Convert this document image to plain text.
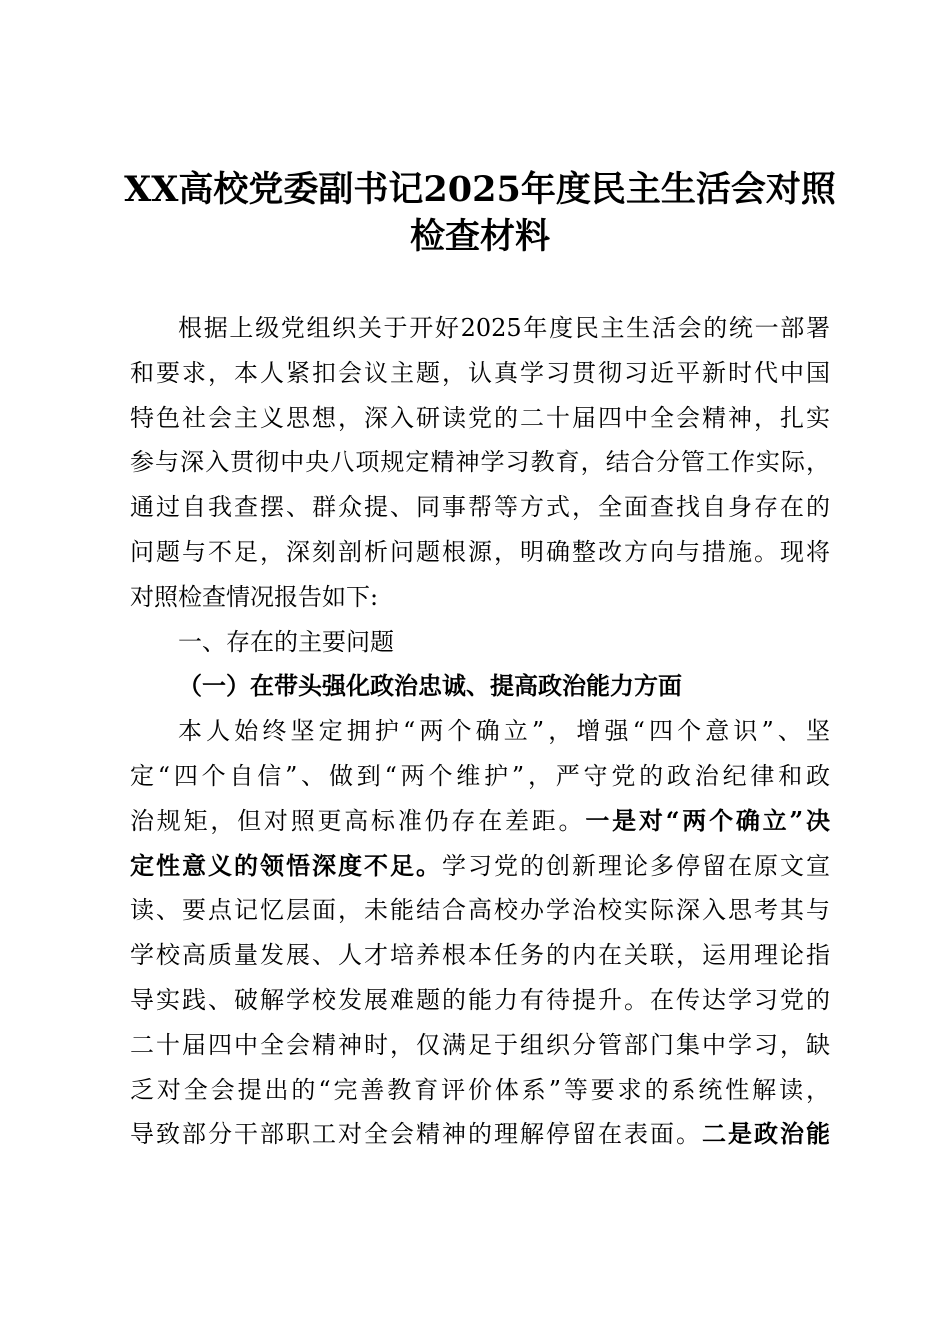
XX高校党委副书记2025年度民主生活会对照
检查材料
根据上级党组织关于开好2025年度民主生活会的统一部署
和要求，本人紧扣会议主题，认真学习贯彻习近平新时代中国
特色社会主义思想，深入研读党的二十届四中全会精神，扎实
参与深入贯彻中央八项规定精神学习教育，结合分管工作实际，
通过自我查摆、群众提、同事帮等方式，全面查找自身存在的
问题与不足，深刻剖析问题根源，明确整改方向与措施。现将
对照检查情况报告如下:
一、存在的主要问题
（一）在带头强化政治忠诚、提高政治能力方面
本人始终坚定拥护“两个确立”，增强“四个意识”、坚
定“四个自信”、做到“两个维护”，严守党的政治纪律和政
治规矩，但对照更高标准仍存在差距。一是对“两个确立”决
定性意义的领悟深度不足。学习党的创新理论多停留在原文宣
读、要点记忆层面，未能结合高校办学治校实际深入思考其与
学校高质量发展、人才培养根本任务的内在关联，运用理论指
导实践、破解学校发展难题的能力有待提升。在传达学习党的
二十届四中全会精神时，仅满足于组织分管部门集中学习，缺
乏对全会提出的“完善教育评价体系”等要求的系统性解读，
导致部分干部职工对全会精神的理解停留在表面。二是政治能
